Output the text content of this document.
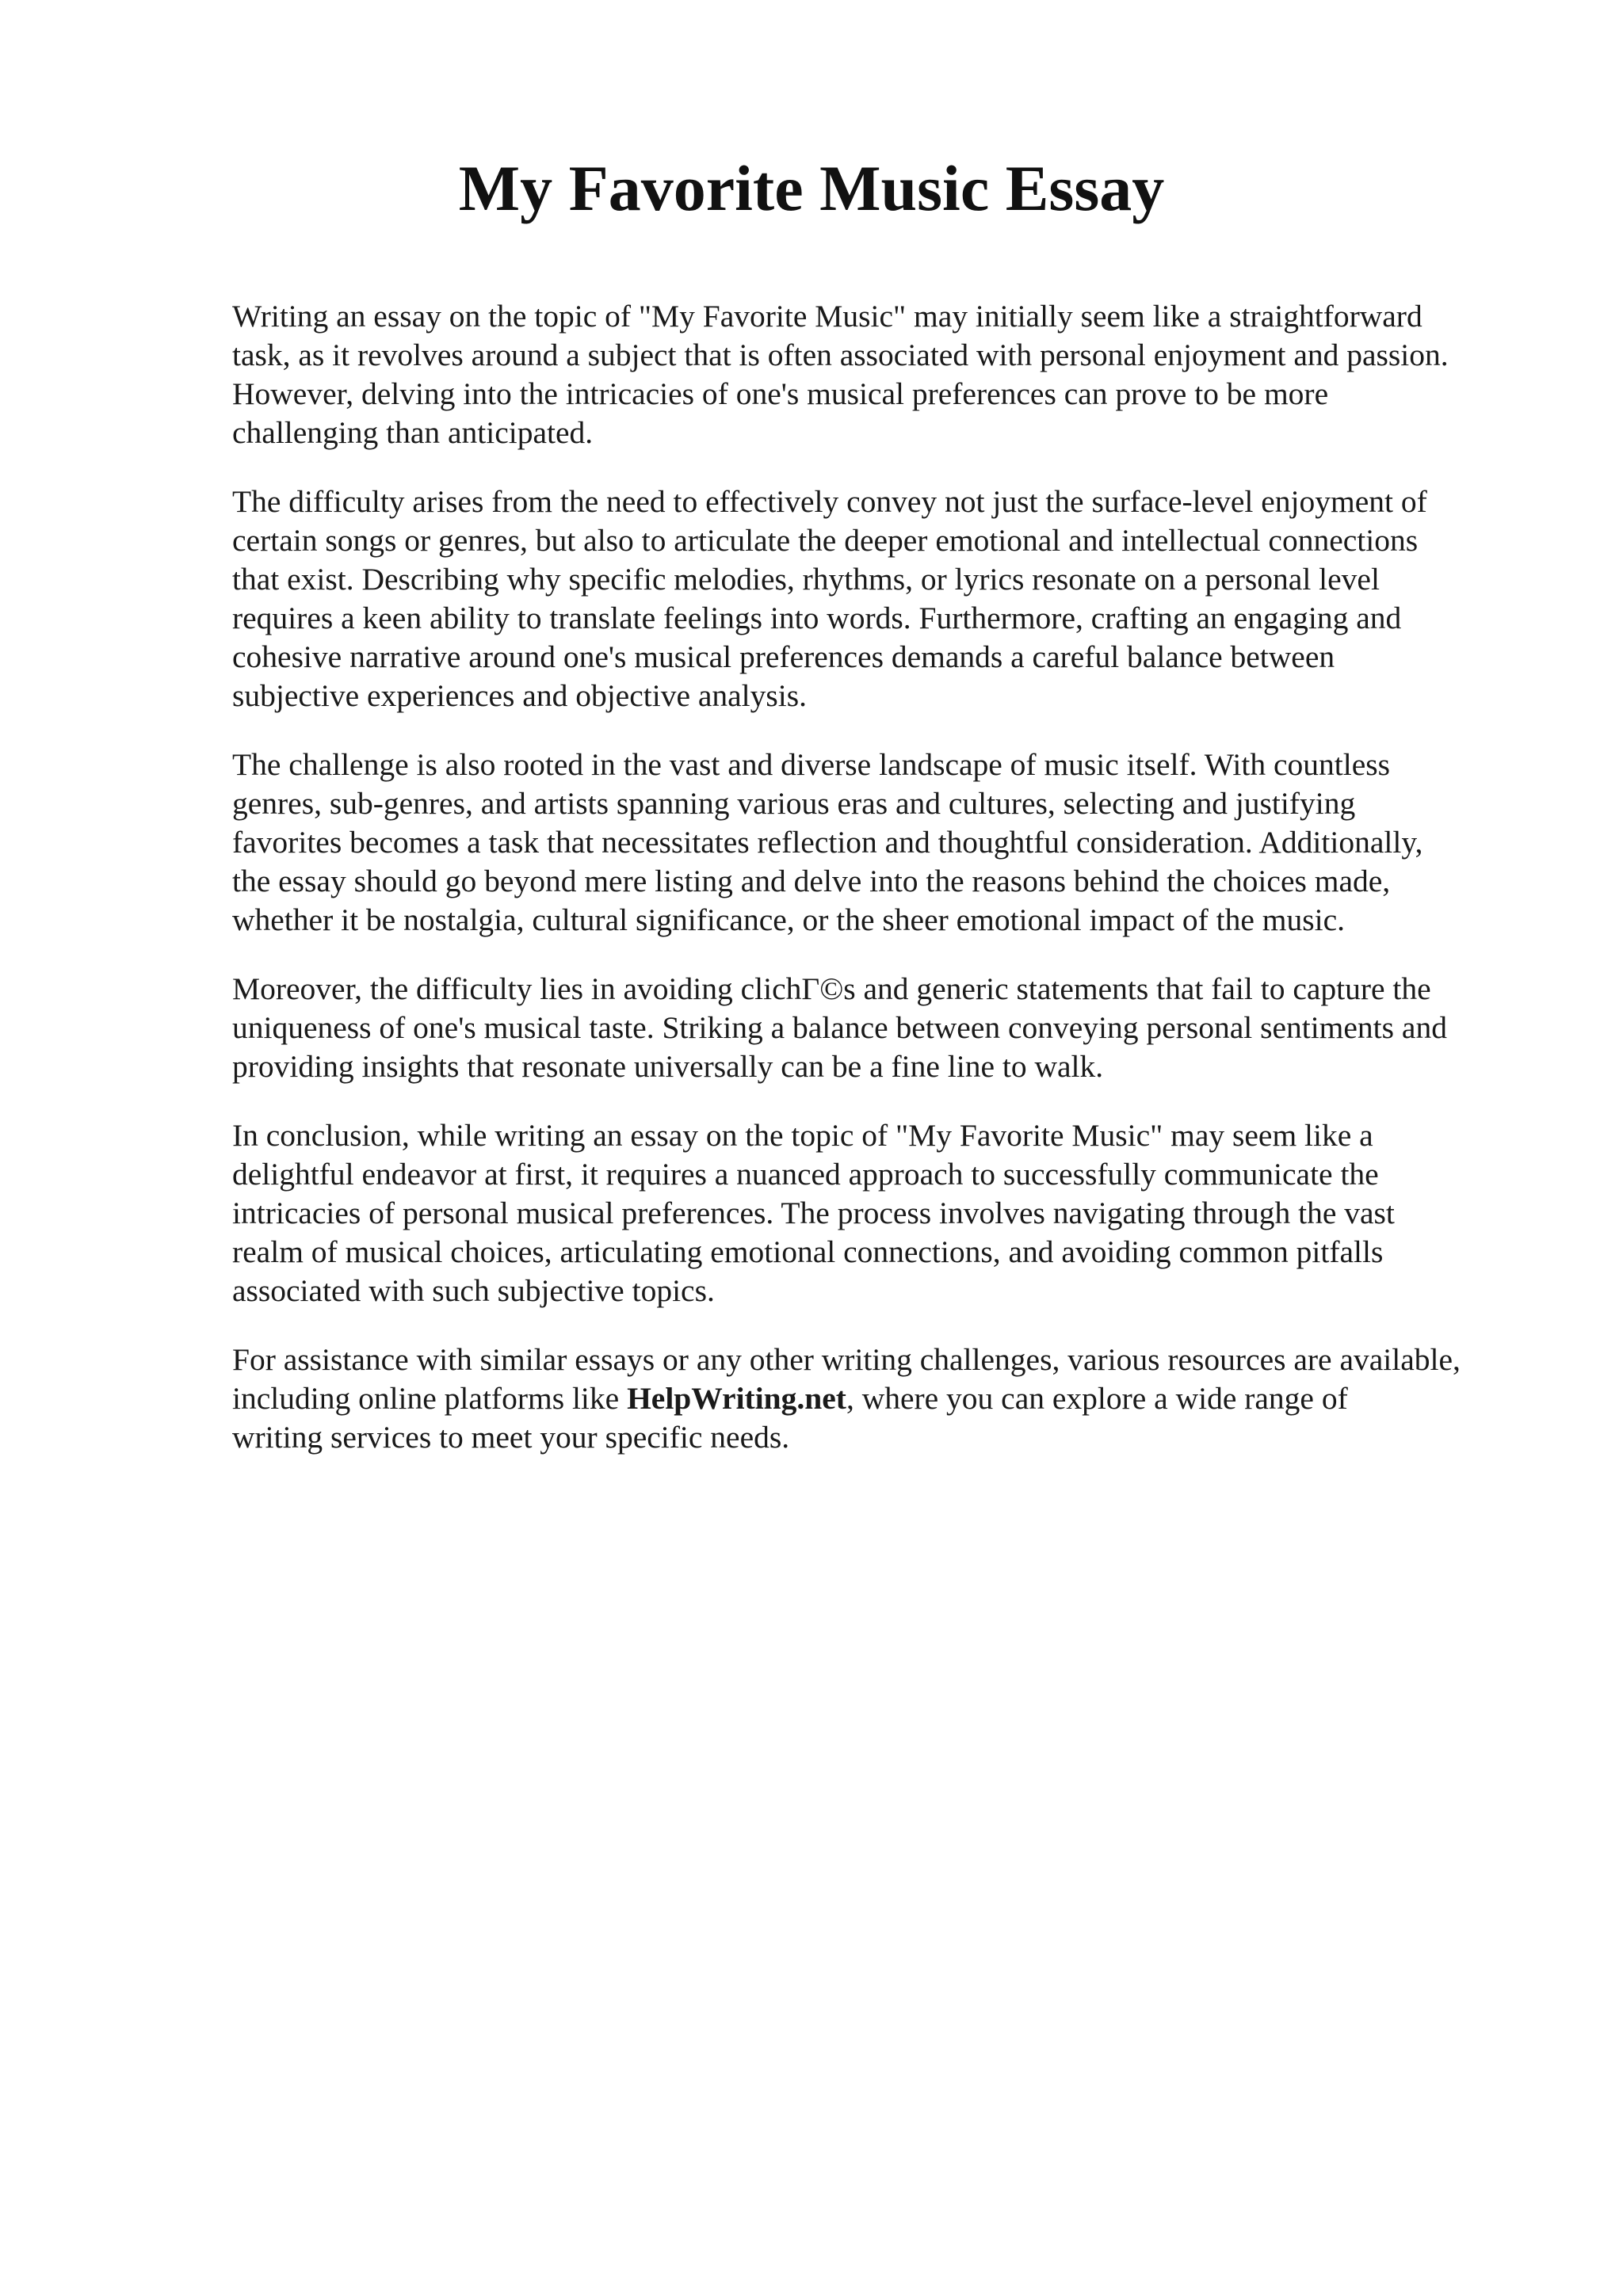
My Favorite Music Essay

Writing an essay on the topic of "My Favorite Music" may initially seem like a straightforward
task, as it revolves around a subject that is often associated with personal enjoyment and passion.
However, delving into the intricacies of one's musical preferences can prove to be more
challenging than anticipated.

The difficulty arises from the need to effectively convey not just the surface-level enjoyment of
certain songs or genres, but also to articulate the deeper emotional and intellectual connections
that exist. Describing why specific melodies, rhythms, or lyrics resonate on a personal level
requires a keen ability to translate feelings into words. Furthermore, crafting an engaging and
cohesive narrative around one's musical preferences demands a careful balance between
subjective experiences and objective analysis.

The challenge is also rooted in the vast and diverse landscape of music itself. With countless
genres, sub-genres, and artists spanning various eras and cultures, selecting and justifying
favorites becomes a task that necessitates reflection and thoughtful consideration. Additionally,
the essay should go beyond mere listing and delve into the reasons behind the choices made,
whether it be nostalgia, cultural significance, or the sheer emotional impact of the music.

Moreover, the difficulty lies in avoiding clichΓ©s and generic statements that fail to capture the
uniqueness of one's musical taste. Striking a balance between conveying personal sentiments and
providing insights that resonate universally can be a fine line to walk.

In conclusion, while writing an essay on the topic of "My Favorite Music" may seem like a
delightful endeavor at first, it requires a nuanced approach to successfully communicate the
intricacies of personal musical preferences. The process involves navigating through the vast
realm of musical choices, articulating emotional connections, and avoiding common pitfalls
associated with such subjective topics.

For assistance with similar essays or any other writing challenges, various resources are available,
including online platforms like HelpWriting.net, where you can explore a wide range of
writing services to meet your specific needs.
